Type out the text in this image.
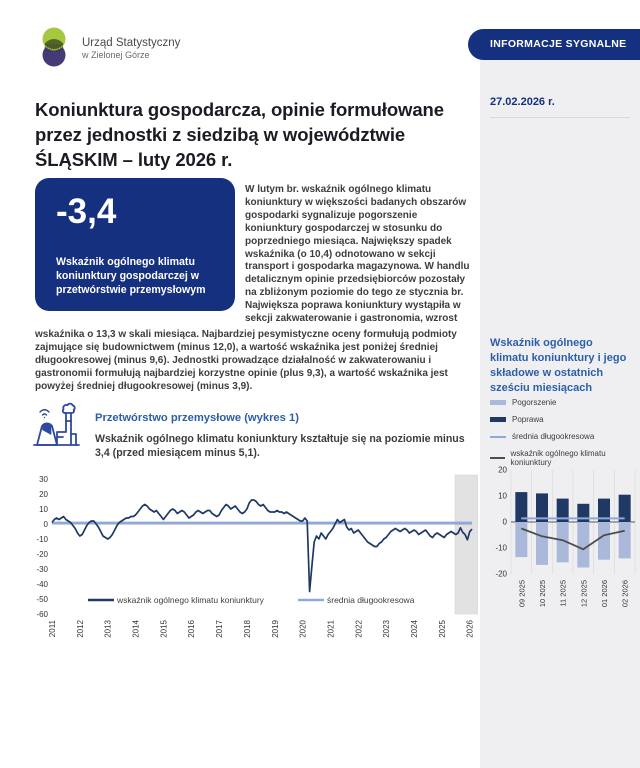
Urząd Statystyczny
w Zielonej Górze
INFORMACJE SYGNALNE
27.02.2026 r.
Wskaźnik ogólnego klimatu koniunktury i jego składowe w ostatnich sześciu miesiącach
Pogorszenie
Poprawa
średnia długookresowa
wskaźnik ogólnego klimatu koniunktury
20
10
0
-10
-20
09 2025 10 2025 11 2025 12 2025 01 2026 02 2026
Koniunktura gospodarcza, opinie formułowane przez jednostki z siedzibą w województwie ŚLĄSKIM – luty 2026 r.
-3,4
Wskaźnik ogólnego klimatu koniunktury gospodarczej w przetwórstwie przemysłowym

W lutym br. wskaźnik ogólnego klimatu koniunktury w większości badanych obszarów gospodarki sygnalizuje pogorszenie koniunktury gospodarczej w stosunku do poprzedniego miesiąca. Największy spadek wskaźnika (o 10,4) odnotowano w sekcji transport i gospodarka magazynowa. W handlu detalicznym opinie przedsiębiorców pozostały na zbliżonym poziomie do tego ze stycznia br. Największa poprawa koniunktury wystąpiła w sekcji zakwaterowanie i gastronomia, wzrost

wskaźnika o 13,3 w skali miesiąca. Najbardziej pesymistyczne oceny formułują podmioty zajmujące się budownictwem (minus 12,0), a wartość wskaźnika jest poniżej średniej długookresowej (minus 9,6). Jednostki prowadzące działalność w zakwaterowaniu i gastronomii formułują najbardziej korzystne opinie (plus 9,3), a wartość wskaźnika jest powyżej średniej długookresowej (minus 3,9).

Przetwórstwo przemysłowe (wykres 1)

Wskaźnik ogólnego klimatu koniunktury kształtuje się na poziomie minus 3,4 (przed miesiącem minus 5,1).

30
20
10
0
-10
-20
-30
-40
-50
-60
2011 2012 2013 2014 2015 2016 2017 2018 2019 2020 2021 2022 2023 2024 2025 2026
wskaźnik ogólnego klimatu koniunktury	średnia długookresowa
